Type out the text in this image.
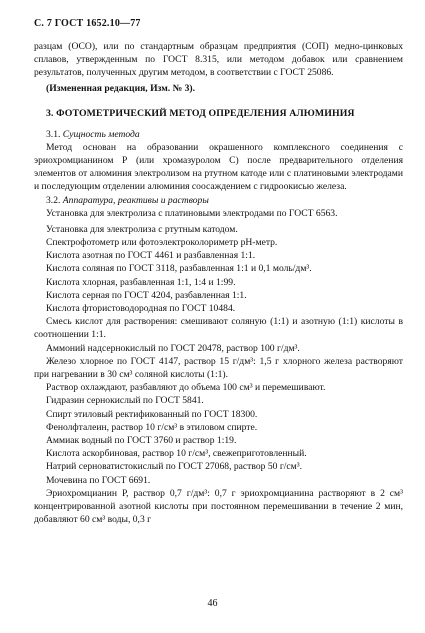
С. 7 ГОСТ 1652.10—77

разцам (ОСО), или по стандартным образцам предприятия (СОП) медно-цинковых сплавов, утвержденным по ГОСТ 8.315, или методом добавок или сравнением результатов, полученных другим методом, в соответствии с ГОСТ 25086.

(Измененная редакция, Изм. № 3).

3. ФОТОМЕТРИЧЕСКИЙ МЕТОД ОПРЕДЕЛЕНИЯ АЛЮМИНИЯ
3.1. Сущность метода

Метод основан на образовании окрашенного комплексного соединения с эриохромцианином Р (или хромазуролом С) после предварительного отделения элементов от алюминия электролизом на ртутном катоде или с платиновыми электродами и последующим отделении алюминия соосаждением с гидроокисью железа.

3.2. Аппаратура, реактивы и растворы

Установка для электролиза с платиновыми электродами по ГОСТ 6563.

Установка для электролиза с ртутным катодом.

Спектрофотометр или фотоэлектроколориметр рН-метр.

Кислота азотная по ГОСТ 4461 и разбавленная 1:1.

Кислота соляная по ГОСТ 3118, разбавленная 1:1 и 0,1 моль/дм³.

Кислота хлорная, разбавленная 1:1, 1:4 и 1:99.

Кислота серная по ГОСТ 4204, разбавленная 1:1.

Кислота фтористоводородная по ГОСТ 10484.

Смесь кислот для растворения: смешивают соляную (1:1) и азотную (1:1) кислоты в соотношении 1:1.

Аммоний надсернокислый по ГОСТ 20478, раствор 100 г/дм³.

Железо хлорное по ГОСТ 4147, раствор 15 г/дм³: 1,5 г хлорного железа растворяют при нагревании в 30 см³ соляной кислоты (1:1).

Раствор охлаждают, разбавляют до объема 100 см³ и перемешивают.

Гидразин сернокислый по ГОСТ 5841.

Спирт этиловый ректификованный по ГОСТ 18300.

Фенолфталеин, раствор 10 г/см³ в этиловом спирте.

Аммиак водный по ГОСТ 3760 и раствор 1:19.

Кислота аскорбиновая, раствор 10 г/см³, свежеприготовленный.

Натрий серноватистокислый по ГОСТ 27068, раствор 50 г/см³.

Мочевина по ГОСТ 6691.

Эриохромцианин Р, раствор 0,7 г/дм³: 0,7 г эриохромцианина растворяют в 2 см³ концентрированной азотной кислоты при постоянном перемешивании в течение 2 мин, добавляют 60 см³ воды, 0,3 г

46
